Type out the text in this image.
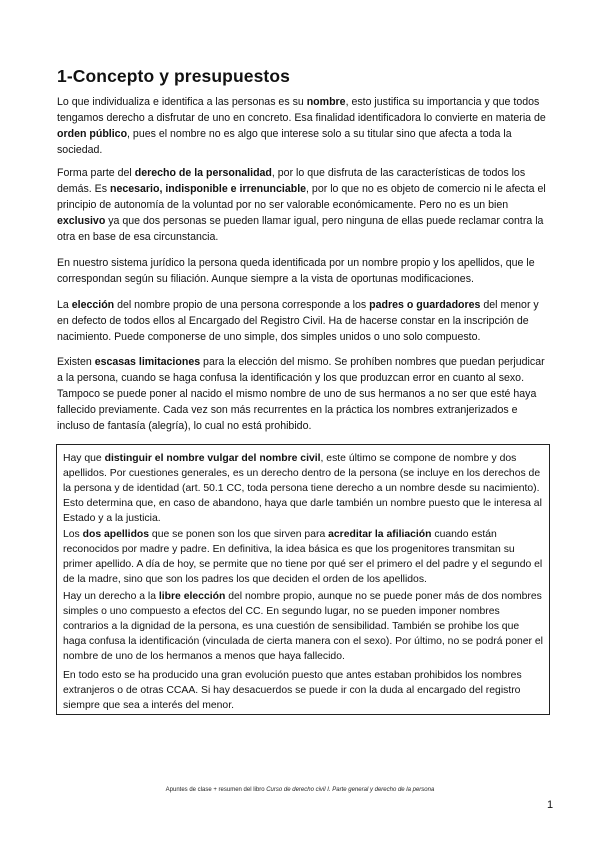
1-Concepto y presupuestos

Lo que individualiza e identifica a las personas es su nombre, esto justifica su importancia y que todos tengamos derecho a disfrutar de uno en concreto. Esa finalidad identificadora lo convierte en materia de orden público, pues el nombre no es algo que interese solo a su titular sino que afecta a toda la sociedad.

Forma parte del derecho de la personalidad, por lo que disfruta de las características de todos los demás. Es necesario, indisponible e irrenunciable, por lo que no es objeto de comercio ni le afecta el principio de autonomía de la voluntad por no ser valorable económicamente. Pero no es un bien exclusivo ya que dos personas se pueden llamar igual, pero ninguna de ellas puede reclamar contra la otra en base de esa circunstancia.

En nuestro sistema jurídico la persona queda identificada por un nombre propio y los apellidos, que le correspondan según su filiación. Aunque siempre a la vista de oportunas modificaciones.

La elección del nombre propio de una persona corresponde a los padres o guardadores del menor y en defecto de todos ellos al Encargado del Registro Civil. Ha de hacerse constar en la inscripción de nacimiento. Puede componerse de uno simple, dos simples unidos o uno solo compuesto.

Existen escasas limitaciones para la elección del mismo. Se prohíben nombres que puedan perjudicar a la persona, cuando se haga confusa la identificación y los que produzcan error en cuanto al sexo. Tampoco se puede poner al nacido el mismo nombre de uno de sus hermanos a no ser que esté haya fallecido previamente. Cada vez son más recurrentes en la práctica los nombres extranjerizados e incluso de fantasía (alegría), lo cual no está prohibido.

Hay que distinguir el nombre vulgar del nombre civil, este último se compone de nombre y dos apellidos. Por cuestiones generales, es un derecho dentro de la persona (se incluye en los derechos de la persona y de identidad (art. 50.1 CC, toda persona tiene derecho a un nombre desde su nacimiento). Esto determina que, en caso de abandono, haya que darle también un nombre puesto que le interesa al Estado y a la justicia.

Los dos apellidos que se ponen son los que sirven para acreditar la afiliación cuando están reconocidos por madre y padre. En definitiva, la idea básica es que los progenitores transmitan su primer apellido. A día de hoy, se permite que no tiene por qué ser el primero el del padre y el segundo el de la madre, sino que son los padres los que deciden el orden de los apellidos.

Hay un derecho a la libre elección del nombre propio, aunque no se puede poner más de dos nombres simples o uno compuesto a efectos del CC. En segundo lugar, no se pueden imponer nombres contrarios a la dignidad de la persona, es una cuestión de sensibilidad. También se prohibe los que haga confusa la identificación (vinculada de cierta manera con el sexo). Por último, no se podrá poner el nombre de uno de los hermanos a menos que haya fallecido.

En todo esto se ha producido una gran evolución puesto que antes estaban prohibidos los nombres extranjeros o de otras CCAA. Si hay desacuerdos se puede ir con la duda al encargado del registro siempre que sea a interés del menor.

Apuntes de clase + resumen del libro Curso de derecho civil I. Parte general y derecho de la persona
1
